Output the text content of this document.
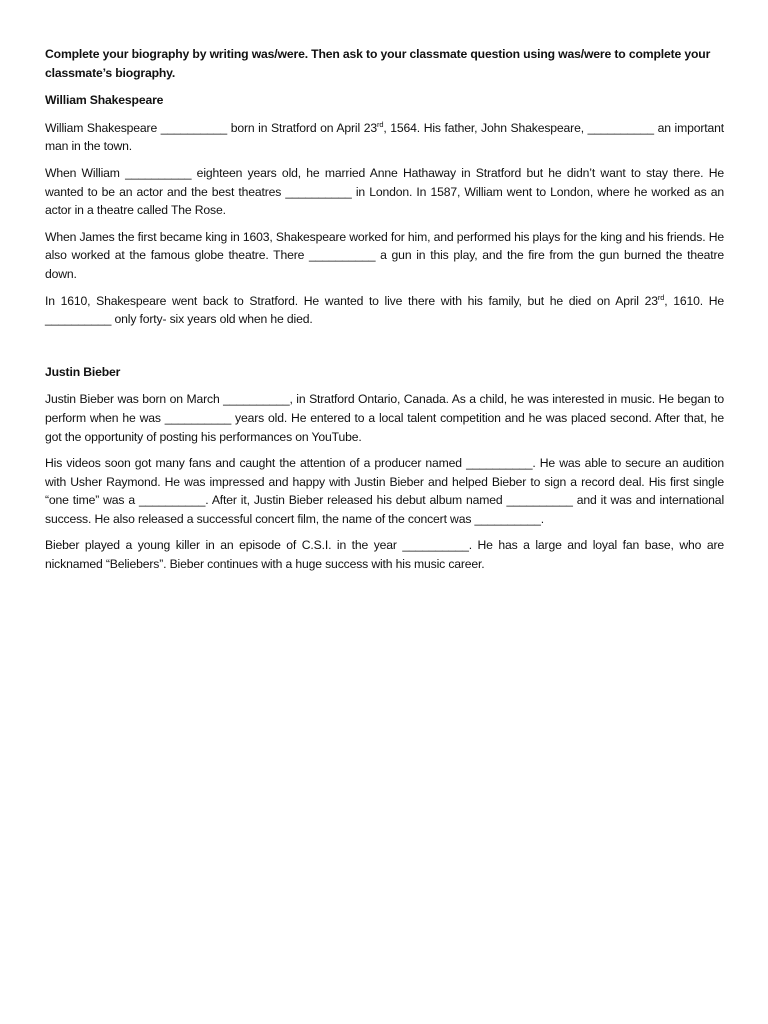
Complete your biography by writing was/were. Then ask to your classmate question using was/were to complete your classmate’s biography.

William Shakespeare

William Shakespeare __________ born in Stratford on April 23rd, 1564. His father, John Shakespeare, __________ an important man in the town.

When William __________ eighteen years old, he married Anne Hathaway in Stratford but he didn’t want to stay there. He wanted to be an actor and the best theatres __________ in London. In 1587, William went to London, where he worked as an actor in a theatre called The Rose.

When James the first became king in 1603, Shakespeare worked for him, and performed his plays for the king and his friends. He also worked at the famous globe theatre. There __________ a gun in this play, and the fire from the gun burned the theatre down.

In 1610, Shakespeare went back to Stratford. He wanted to live there with his family, but he died on April 23rd, 1610. He __________ only forty- six years old when he died.

Justin Bieber

Justin Bieber was born on March __________, in Stratford Ontario, Canada. As a child, he was interested in music. He began to perform when he was __________ years old. He entered to a local talent competition and he was placed second. After that, he got the opportunity of posting his performances on YouTube.

His videos soon got many fans and caught the attention of a producer named __________. He was able to secure an audition with Usher Raymond. He was impressed and happy with Justin Bieber and helped Bieber to sign a record deal. His first single “one time” was a __________. After it, Justin Bieber released his debut album named __________ and it was and international success. He also released a successful concert film, the name of the concert was __________.

Bieber played a young killer in an episode of C.S.I. in the year __________. He has a large and loyal fan base, who are nicknamed “Beliebers”. Bieber continues with a huge success with his music career.
